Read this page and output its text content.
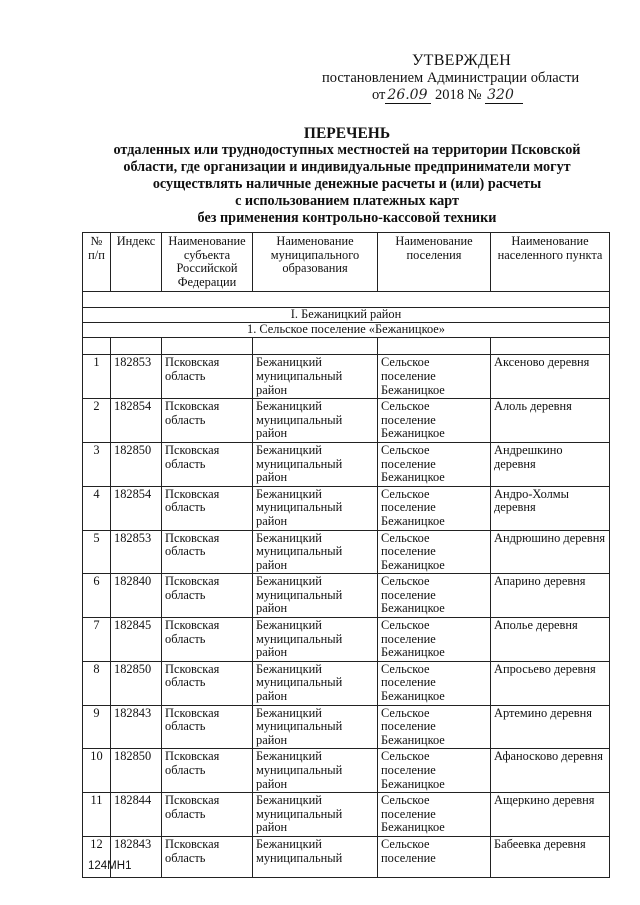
УТВЕРЖДЕН
постановлением Администрации области
от 26.09 2018 № 320
ПЕРЕЧЕНЬ
отдаленных или труднодоступных местностей на территории Псковской
области, где организации и индивидуальные предприниматели могут
осуществлять наличные денежные расчеты и (или) расчеты
с использованием платежных карт
без применения контрольно-кассовой техники
№ п/п	Индекс	Наименование субъекта Российской Федерации	Наименование муниципального образования	Наименование поселения	Наименование населенного пункта

I. Бежаницкий район					
1. Сельское поселение «Бежаницкое»					

1	182853	Псковская область	Бежаницкий муниципальный район	Сельское поселение Бежаницкое	Аксеново деревня
2	182854	Псковская область	Бежаницкий муниципальный район	Сельское поселение Бежаницкое	Алоль деревня
3	182850	Псковская область	Бежаницкий муниципальный район	Сельское поселение Бежаницкое	Андрешкино деревня
4	182854	Псковская область	Бежаницкий муниципальный район	Сельское поселение Бежаницкое	Андро-Холмы деревня
5	182853	Псковская область	Бежаницкий муниципальный район	Сельское поселение Бежаницкое	Андрюшино деревня
6	182840	Псковская область	Бежаницкий муниципальный район	Сельское поселение Бежаницкое	Апарино деревня
7	182845	Псковская область	Бежаницкий муниципальный район	Сельское поселение Бежаницкое	Аполье деревня
8	182850	Псковская область	Бежаницкий муниципальный район	Сельское поселение Бежаницкое	Апросьево деревня
9	182843	Псковская область	Бежаницкий муниципальный район	Сельское поселение Бежаницкое	Артемино деревня
10	182850	Псковская область	Бежаницкий муниципальный район	Сельское поселение Бежаницкое	Афаносково деревня
11	182844	Псковская область	Бежаницкий муниципальный район	Сельское поселение Бежаницкое	Ащеркино деревня
12	182843	Псковская область	Бежаницкий муниципальный	Сельское поселение	Бабеевка деревня
124МН1
